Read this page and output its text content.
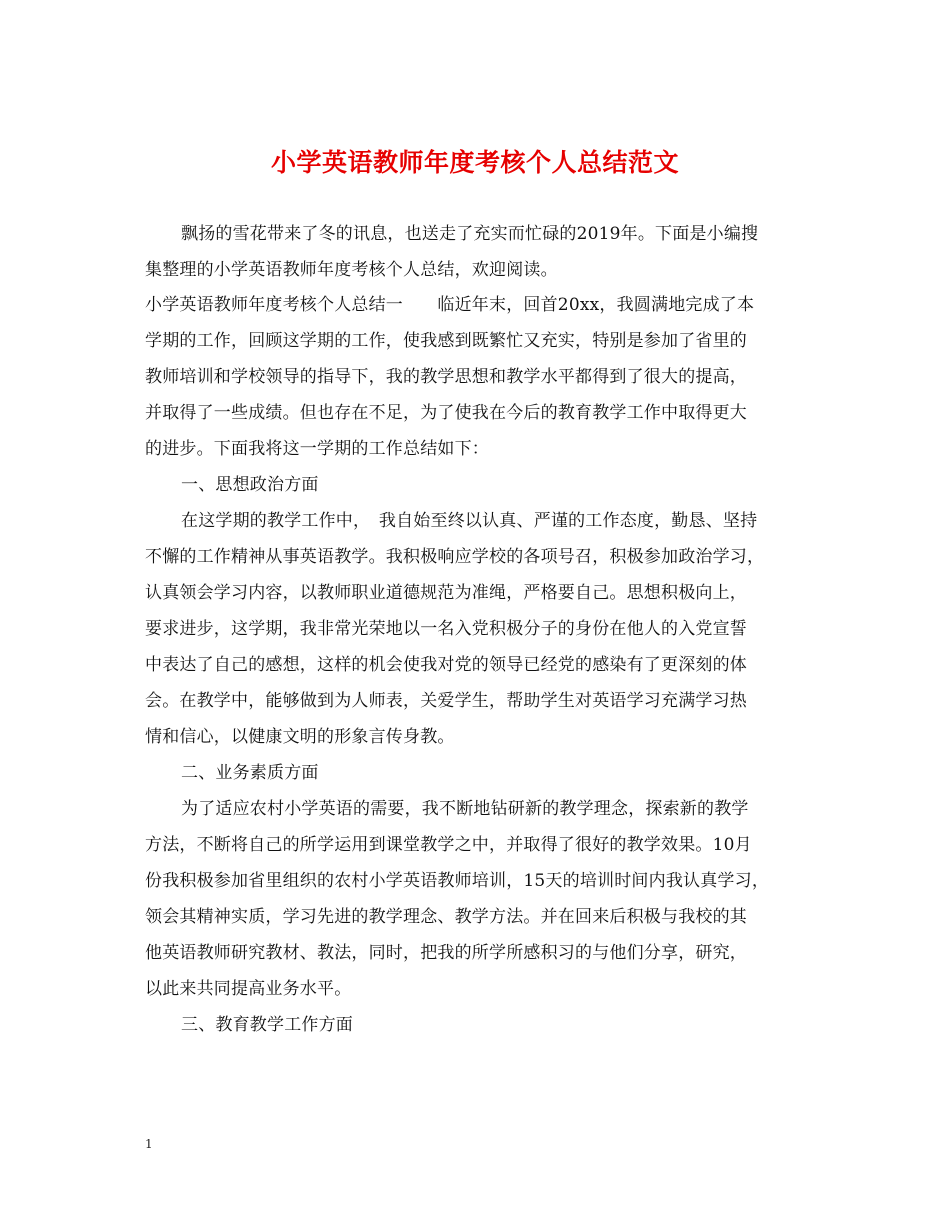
小学英语教师年度考核个人总结范文
飘扬的雪花带来了冬的讯息，也送走了充实而忙碌的2019年。下面是小编搜
集整理的小学英语教师年度考核个人总结，欢迎阅读。
小学英语教师年度考核个人总结一　　临近年末，回首20xx，我圆满地完成了本
学期的工作，回顾这学期的工作，使我感到既繁忙又充实，特别是参加了省里的
教师培训和学校领导的指导下，我的教学思想和教学水平都得到了很大的提高，
并取得了一些成绩。但也存在不足，为了使我在今后的教育教学工作中取得更大
的进步。下面我将这一学期的工作总结如下：
一、思想政治方面
在这学期的教学工作中，　我自始至终以认真、严谨的工作态度，勤恳、坚持
不懈的工作精神从事英语教学。我积极响应学校的各项号召，积极参加政治学习，
认真领会学习内容，以教师职业道德规范为准绳，严格要自己。思想积极向上，
要求进步，这学期，我非常光荣地以一名入党积极分子的身份在他人的入党宣誓
中表达了自己的感想，这样的机会使我对党的领导已经党的感染有了更深刻的体
会。在教学中，能够做到为人师表，关爱学生，帮助学生对英语学习充满学习热
情和信心，以健康文明的形象言传身教。
二、业务素质方面
为了适应农村小学英语的需要，我不断地钻研新的教学理念，探索新的教学
方法，不断将自己的所学运用到课堂教学之中，并取得了很好的教学效果。10月
份我积极参加省里组织的农村小学英语教师培训，15天的培训时间内我认真学习，
领会其精神实质，学习先进的教学理念、教学方法。并在回来后积极与我校的其
他英语教师研究教材、教法，同时，把我的所学所感积习的与他们分享，研究，
以此来共同提高业务水平。
三、教育教学工作方面
1
